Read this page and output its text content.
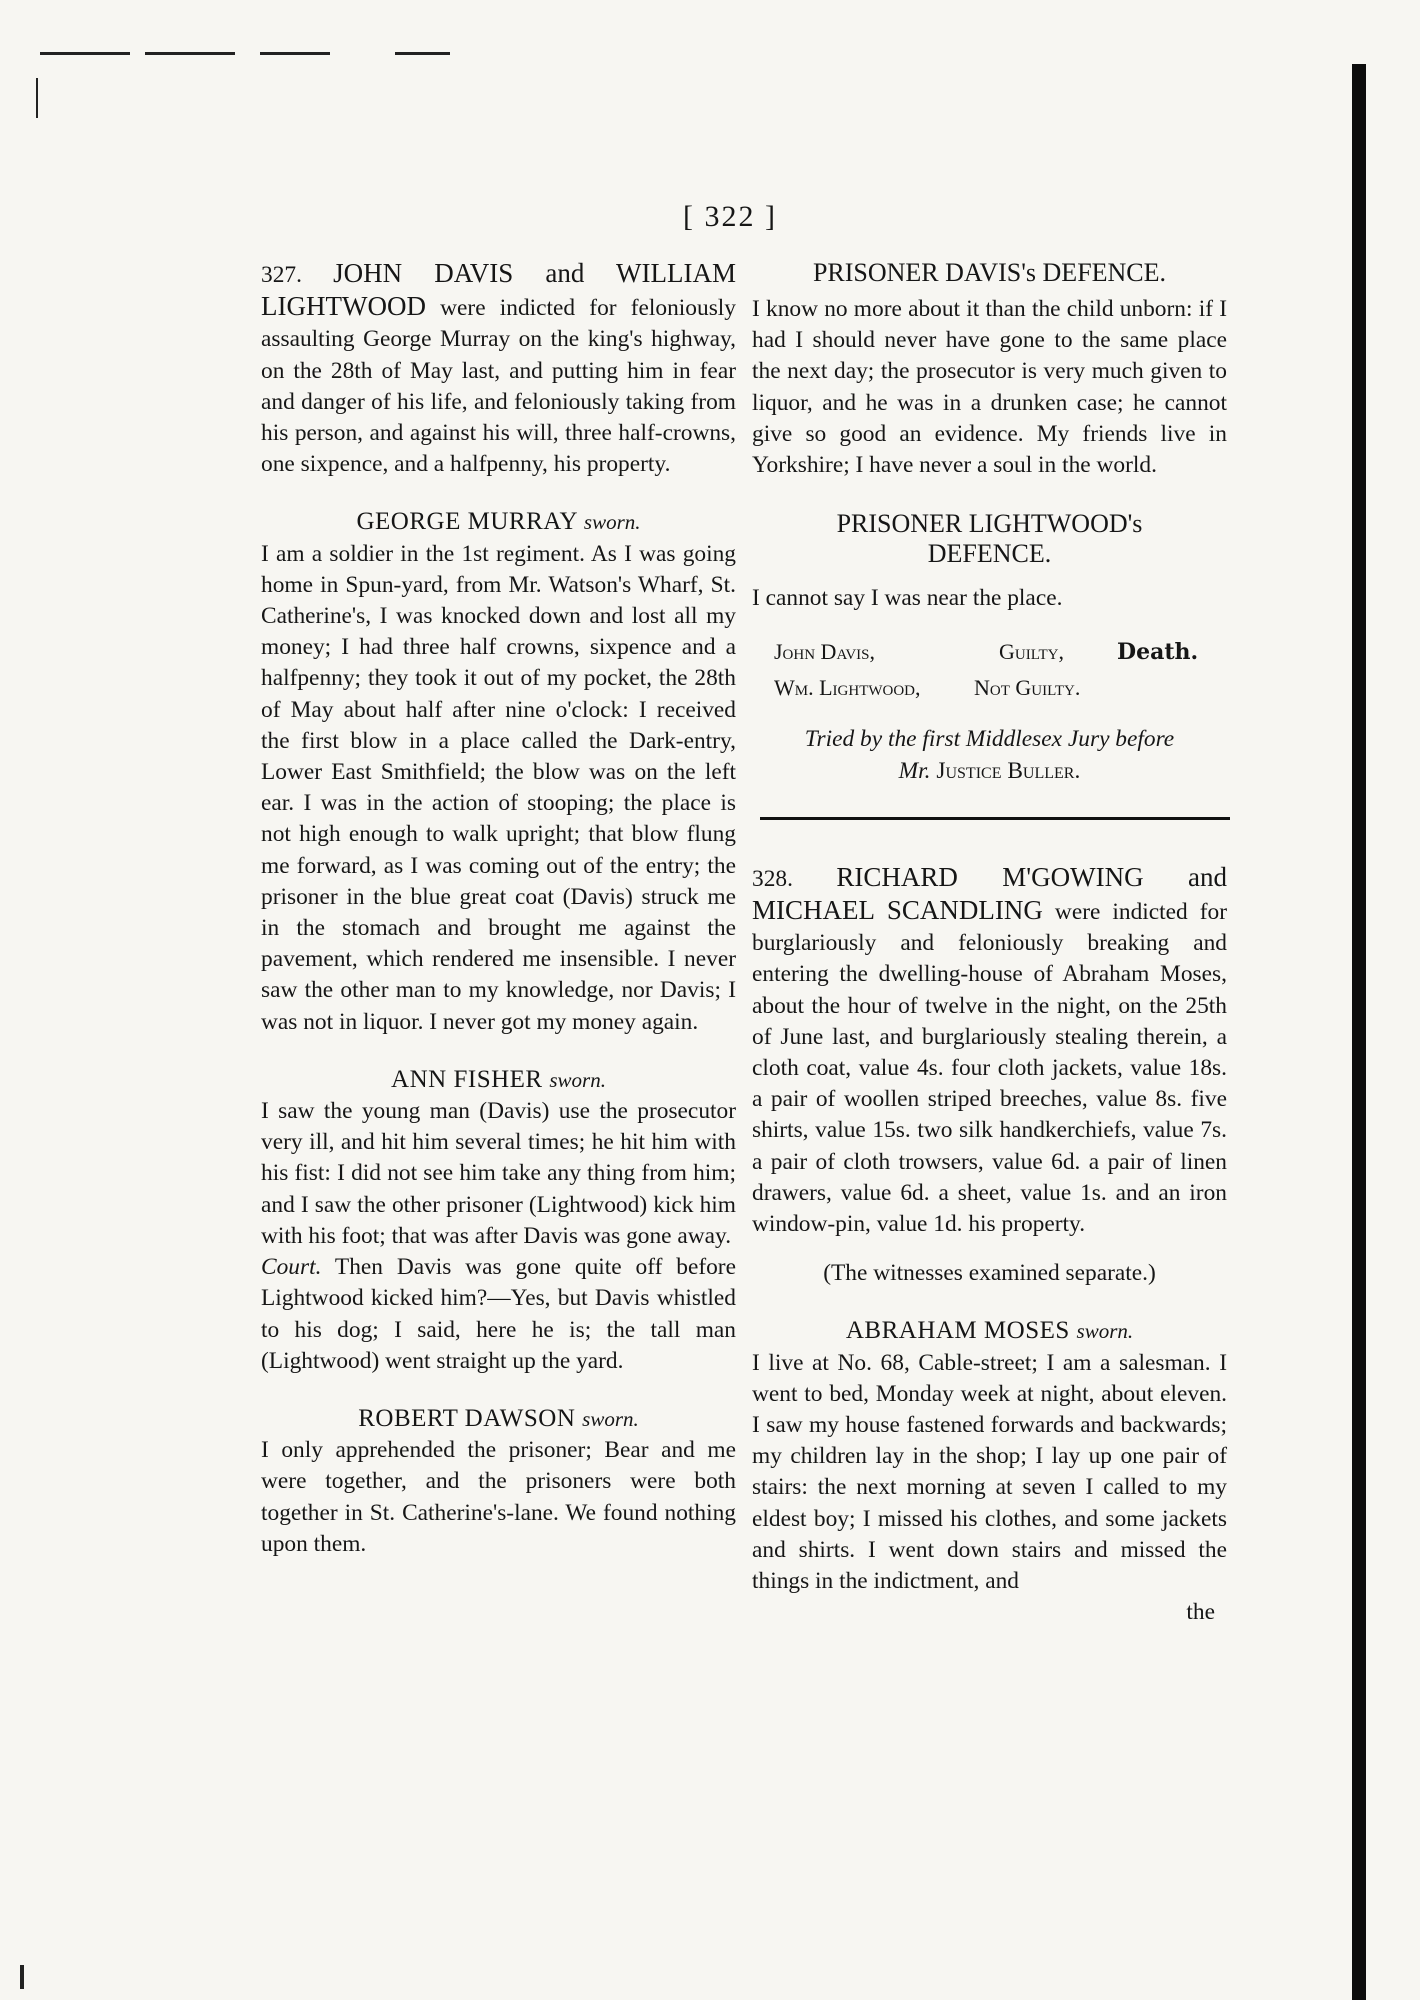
[ 322 ]

327. JOHN DAVIS and WILLIAM LIGHTWOOD were indicted for feloniously assaulting George Murray on the king's highway, on the 28th of May last, and putting him in fear and danger of his life, and feloniously taking from his person, and against his will, three half-crowns, one sixpence, and a halfpenny, his property.

GEORGE MURRAY sworn.

I am a soldier in the 1st regiment. As I was going home in Spun-yard, from Mr. Watson's Wharf, St. Catherine's, I was knocked down and lost all my money; I had three half crowns, sixpence and a halfpenny; they took it out of my pocket, the 28th of May about half after nine o'clock: I received the first blow in a place called the Dark-entry, Lower East Smithfield; the blow was on the left ear. I was in the action of stooping; the place is not high enough to walk upright; that blow flung me forward, as I was coming out of the entry; the prisoner in the blue great coat (Davis) struck me in the stomach and brought me against the pavement, which rendered me insensible. I never saw the other man to my knowledge, nor Davis; I was not in liquor. I never got my money again.

ANN FISHER sworn.

I saw the young man (Davis) use the prosecutor very ill, and hit him several times; he hit him with his fist: I did not see him take any thing from him; and I saw the other prisoner (Lightwood) kick him with his foot; that was after Davis was gone away.

Court. Then Davis was gone quite off before Lightwood kicked him?—Yes, but Davis whistled to his dog; I said, here he is; the tall man (Lightwood) went straight up the yard.

ROBERT DAWSON sworn.

I only apprehended the prisoner; Bear and me were together, and the prisoners were both together in St. Catherine's-lane. We found nothing upon them.

PRISONER DAVIS's DEFENCE.

I know no more about it than the child unborn: if I had I should never have gone to the same place the next day; the prosecutor is very much given to liquor, and he was in a drunken case; he cannot give so good an evidence. My friends live in Yorkshire; I have never a soul in the world.

PRISONER LIGHTWOOD's
DEFENCE.

I cannot say I was near the place.

John Davis,	Guilty,	Death.
Wm. Lightwood,	Not Guilty.
Tried by the first Middlesex Jury before
Mr. Justice Buller.

328. RICHARD M'GOWING and MICHAEL SCANDLING were indicted for burglariously and feloniously breaking and entering the dwelling-house of Abraham Moses, about the hour of twelve in the night, on the 25th of June last, and burglariously stealing therein, a cloth coat, value 4s. four cloth jackets, value 18s. a pair of woollen striped breeches, value 8s. five shirts, value 15s. two silk handkerchiefs, value 7s. a pair of cloth trowsers, value 6d. a pair of linen drawers, value 6d. a sheet, value 1s. and an iron window-pin, value 1d. his property.

(The witnesses examined separate.)
ABRAHAM MOSES sworn.

I live at No. 68, Cable-street; I am a salesman. I went to bed, Monday week at night, about eleven. I saw my house fastened forwards and backwards; my children lay in the shop; I lay up one pair of stairs: the next morning at seven I called to my eldest boy; I missed his clothes, and some jackets and shirts. I went down stairs and missed the things in the indictment, and

the
